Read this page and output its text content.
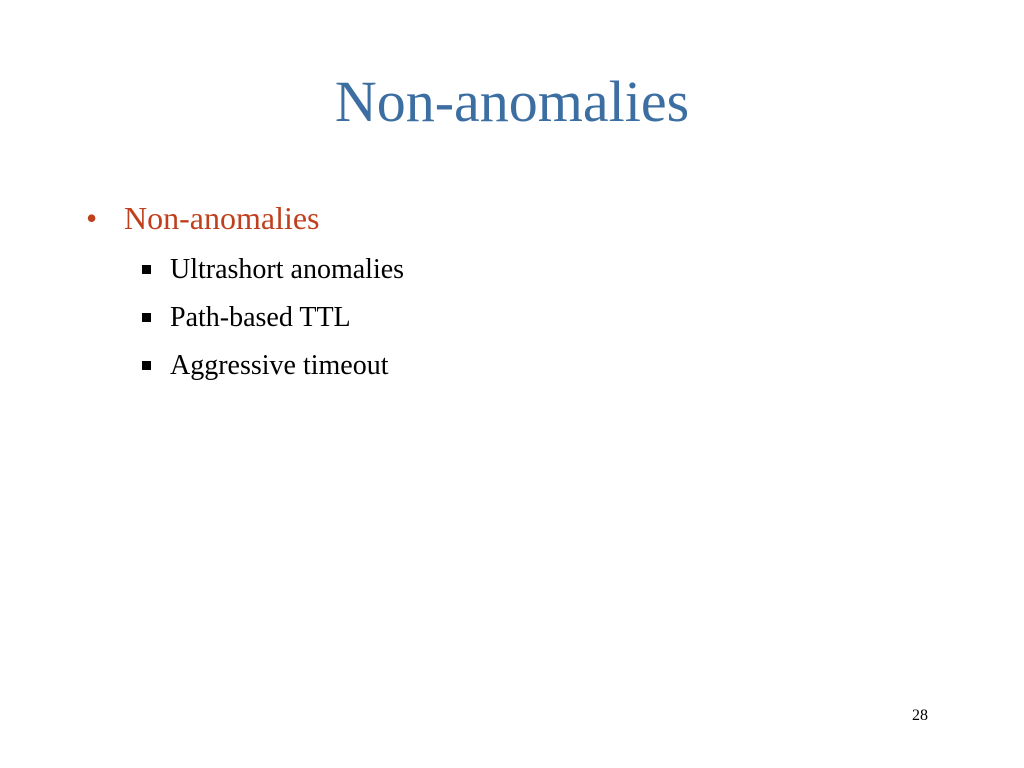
Non-anomalies
• Non-anomalies
Ultrashort anomalies
Path-based TTL
Aggressive timeout
28
